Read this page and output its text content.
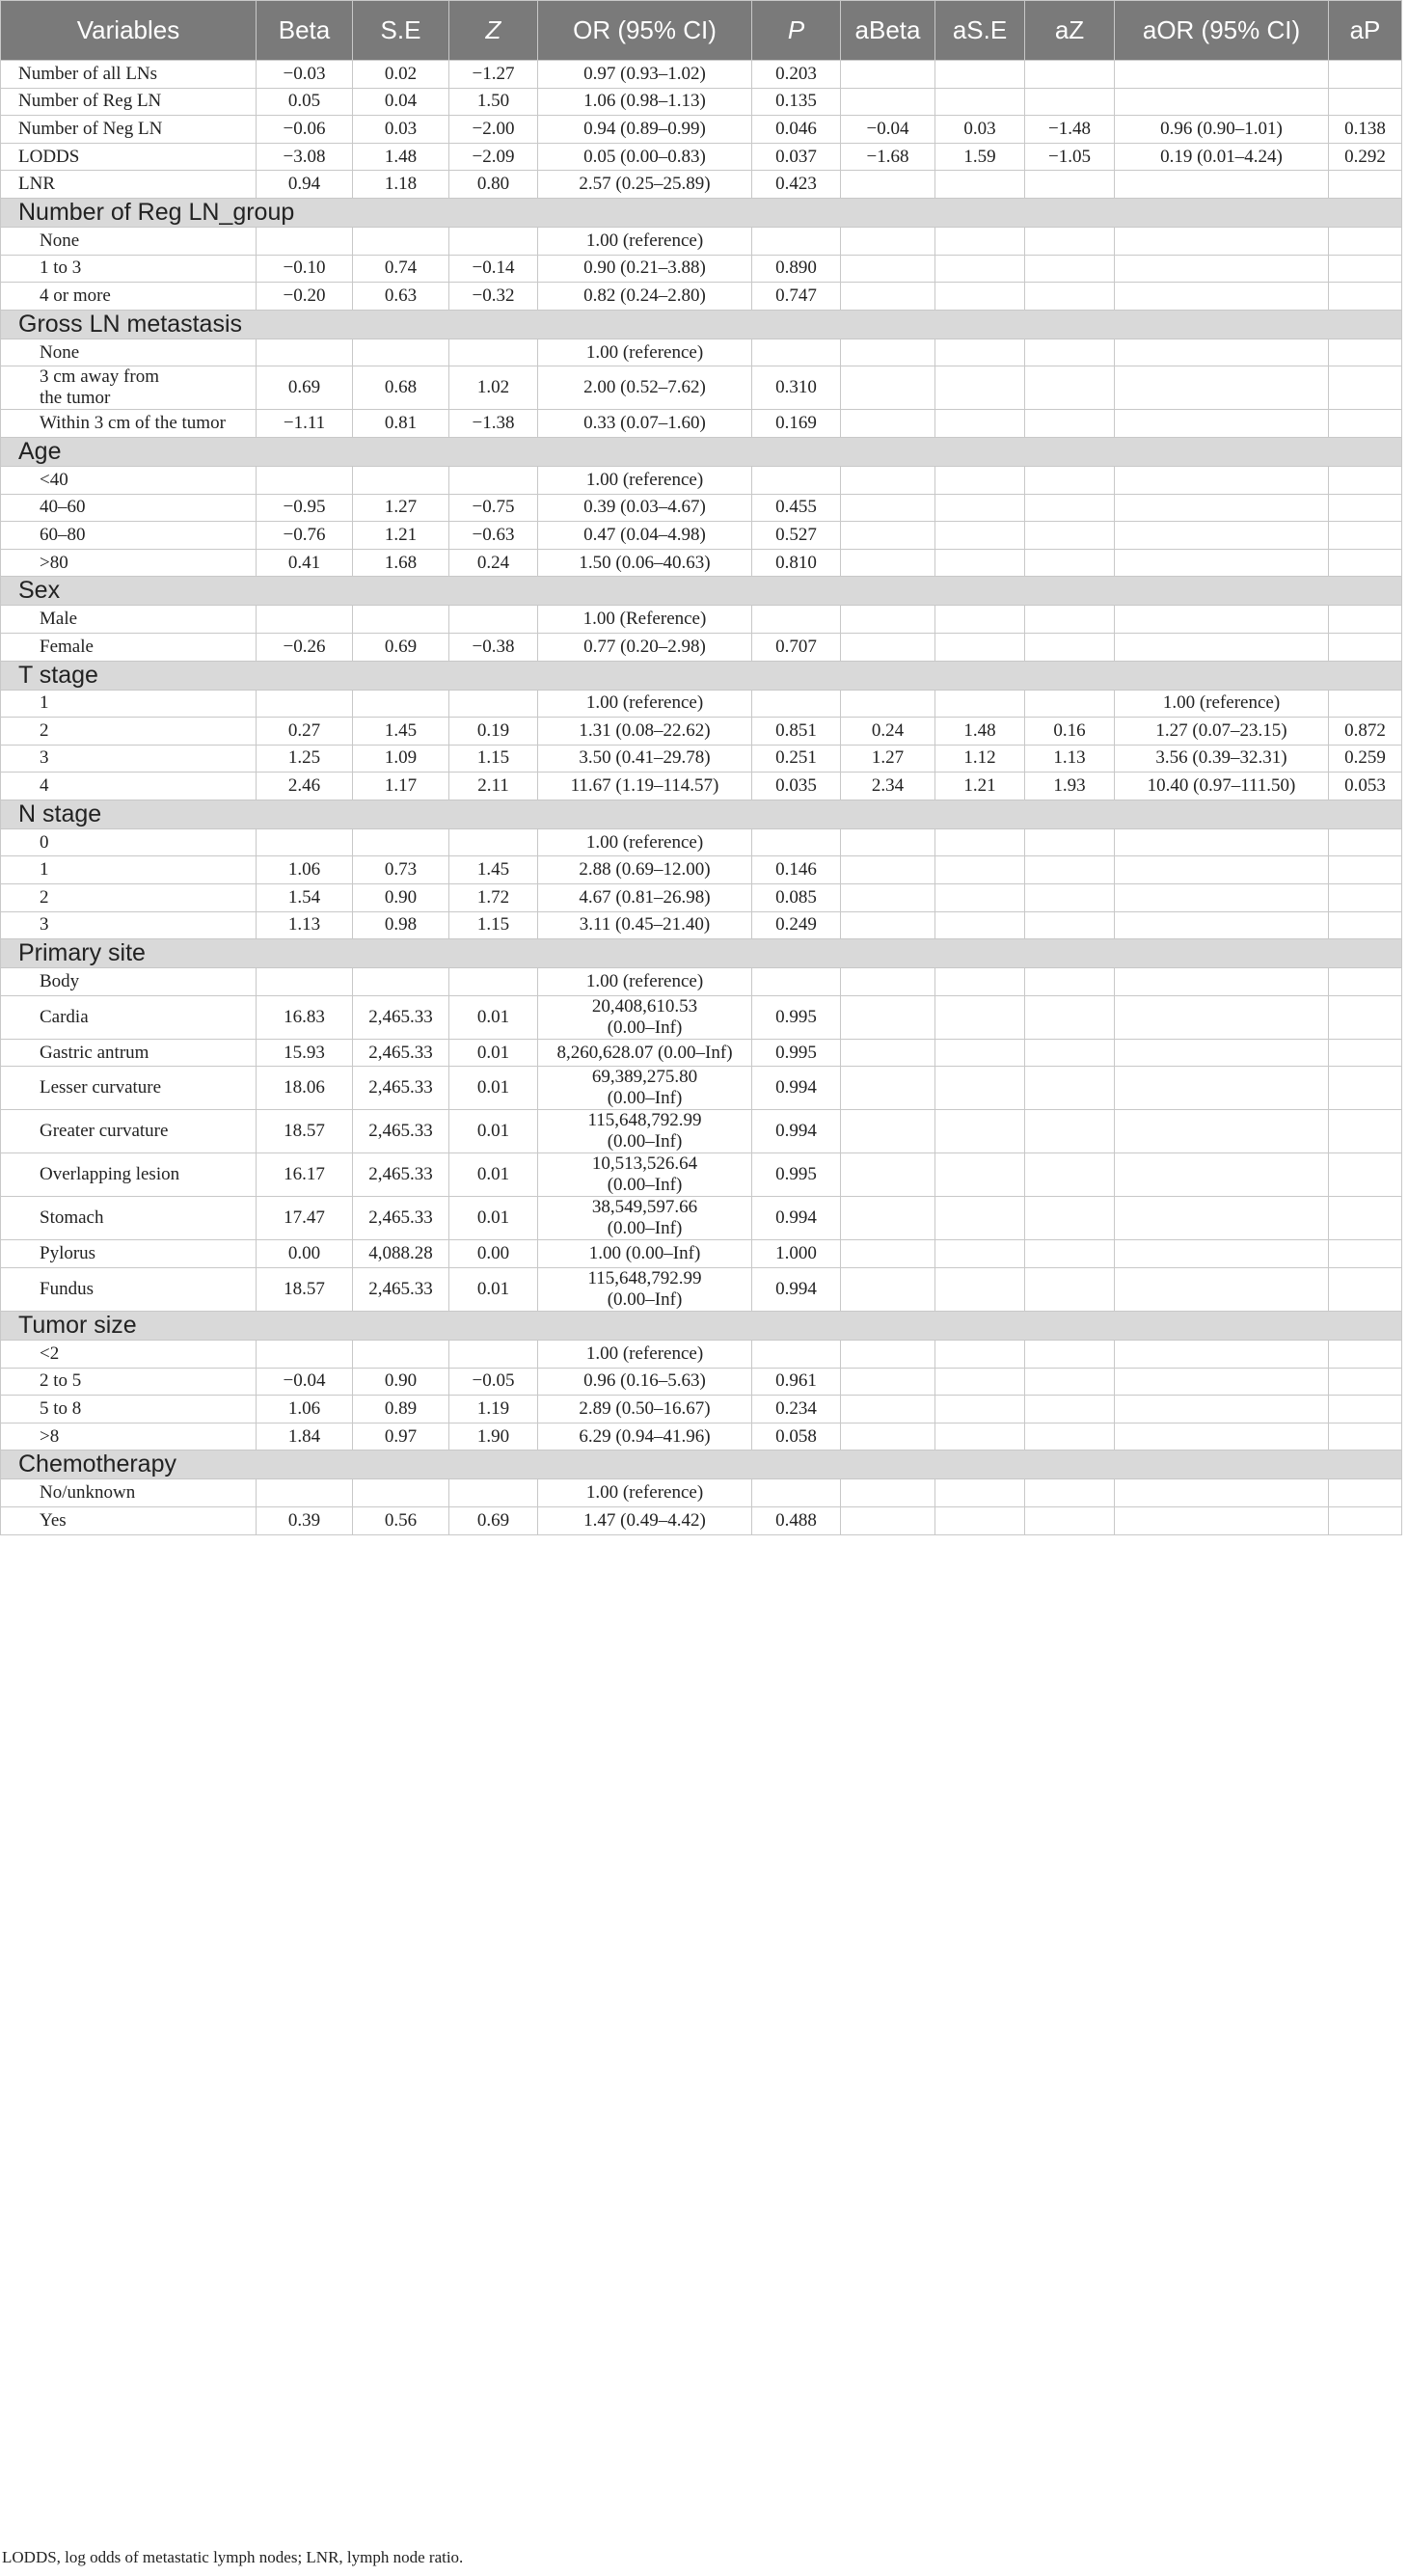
Variables	Beta	S.E	Z	OR (95% CI)	P	aBeta	aS.E	aZ	aOR (95% CI)	aP
Number of all LNs	−0.03	0.02	−1.27	0.97 (0.93–1.02)	0.203					
Number of Reg LN	0.05	0.04	1.50	1.06 (0.98–1.13)	0.135					
Number of Neg LN	−0.06	0.03	−2.00	0.94 (0.89–0.99)	0.046	−0.04	0.03	−1.48	0.96 (0.90–1.01)	0.138
LODDS	−3.08	1.48	−2.09	0.05 (0.00–0.83)	0.037	−1.68	1.59	−1.05	0.19 (0.01–4.24)	0.292
LNR	0.94	1.18	0.80	2.57 (0.25–25.89)	0.423					
Number of Reg LN_group										
None				1.00 (reference)						
1 to 3	−0.10	0.74	−0.14	0.90 (0.21–3.88)	0.890					
4 or more	−0.20	0.63	−0.32	0.82 (0.24–2.80)	0.747					
Gross LN metastasis										
None				1.00 (reference)						
3 cm away from
the tumor	0.69	0.68	1.02	2.00 (0.52–7.62)	0.310					
Within 3 cm of the tumor	−1.11	0.81	−1.38	0.33 (0.07–1.60)	0.169					
Age										
<40				1.00 (reference)						
40–60	−0.95	1.27	−0.75	0.39 (0.03–4.67)	0.455					
60–80	−0.76	1.21	−0.63	0.47 (0.04–4.98)	0.527					
>80	0.41	1.68	0.24	1.50 (0.06–40.63)	0.810					
Sex										
Male				1.00 (Reference)						
Female	−0.26	0.69	−0.38	0.77 (0.20–2.98)	0.707					
T stage										
1				1.00 (reference)					1.00 (reference)	
2	0.27	1.45	0.19	1.31 (0.08–22.62)	0.851	0.24	1.48	0.16	1.27 (0.07–23.15)	0.872
3	1.25	1.09	1.15	3.50 (0.41–29.78)	0.251	1.27	1.12	1.13	3.56 (0.39–32.31)	0.259
4	2.46	1.17	2.11	11.67 (1.19–114.57)	0.035	2.34	1.21	1.93	10.40 (0.97–111.50)	0.053
N stage										
0				1.00 (reference)						
1	1.06	0.73	1.45	2.88 (0.69–12.00)	0.146					
2	1.54	0.90	1.72	4.67 (0.81–26.98)	0.085					
3	1.13	0.98	1.15	3.11 (0.45–21.40)	0.249					
Primary site										
Body				1.00 (reference)						
Cardia	16.83	2,465.33	0.01	20,408,610.53
(0.00–Inf)	0.995					
Gastric antrum	15.93	2,465.33	0.01	8,260,628.07 (0.00–Inf)	0.995					
Lesser curvature	18.06	2,465.33	0.01	69,389,275.80
(0.00–Inf)	0.994					
Greater curvature	18.57	2,465.33	0.01	115,648,792.99
(0.00–Inf)	0.994					
Overlapping lesion	16.17	2,465.33	0.01	10,513,526.64
(0.00–Inf)	0.995					
Stomach	17.47	2,465.33	0.01	38,549,597.66
(0.00–Inf)	0.994					
Pylorus	0.00	4,088.28	0.00	1.00 (0.00–Inf)	1.000					
Fundus	18.57	2,465.33	0.01	115,648,792.99
(0.00–Inf)	0.994					
Tumor size										
<2				1.00 (reference)						
2 to 5	−0.04	0.90	−0.05	0.96 (0.16–5.63)	0.961					
5 to 8	1.06	0.89	1.19	2.89 (0.50–16.67)	0.234					
>8	1.84	0.97	1.90	6.29 (0.94–41.96)	0.058					
Chemotherapy										
No/unknown				1.00 (reference)						
Yes	0.39	0.56	0.69	1.47 (0.49–4.42)	0.488					
LODDS, log odds of metastatic lymph nodes; LNR, lymph node ratio.
